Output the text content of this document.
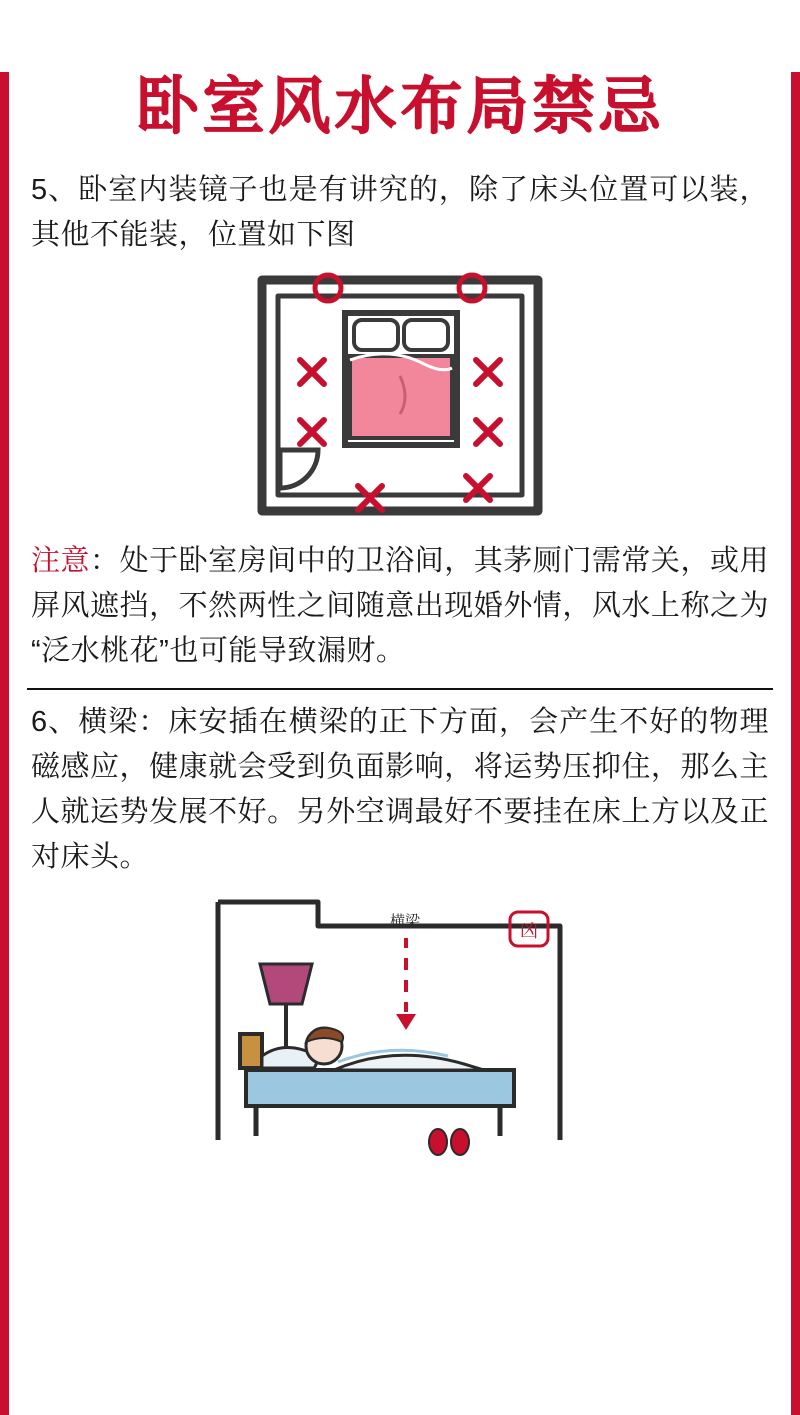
卧室风水布局禁忌

5、卧室内装镜子也是有讲究的，除了床头位置可以装，其他不能装，位置如下图

注意：处于卧室房间中的卫浴间，其茅厕门需常关，或用屏风遮挡，不然两性之间随意出现婚外情，风水上称之为“泛水桃花”也可能导致漏财。

6、横梁：床安插在横梁的正下方面，会产生不好的物理磁感应，健康就会受到负面影响，将运势压抑住，那么主人就运势发展不好。另外空调最好不要挂在床上方以及正对床头。

横梁	凶
